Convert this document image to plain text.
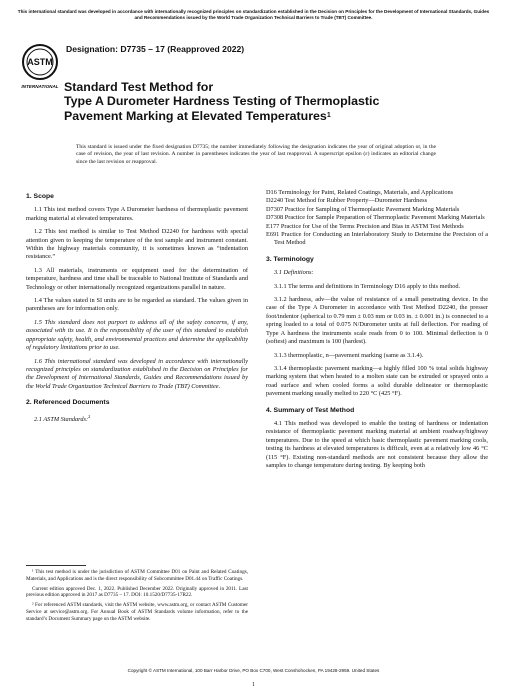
This international standard was developed in accordance with internationally recognized principles on standardization established in the Decision on Principles for the Development of International Standards, Guides and Recommendations issued by the World Trade Organization Technical Barriers to Trade (TBT) Committee.
ASTM
INTERNATIONAL
Designation: D7735 – 17 (Reapproved 2022)
Standard Test Method for
Type A Durometer Hardness Testing of Thermoplastic
Pavement Marking at Elevated Temperatures$^1$
This standard is issued under the fixed designation D7735; the number immediately following the designation indicates the year of original adoption or, in the case of revision, the year of last revision. A number in parentheses indicates the year of last reapproval. A superscript epsilon (ε) indicates an editorial change since the last revision or reapproval.
1. Scope

1.1 This test method covers Type A Durometer hardness of thermoplastic pavement marking material at elevated temperatures.

1.2 This test method is similar to Test Method D2240 for hardness with special attention given to keeping the temperature of the test sample and instrument constant. Within the highway materials community, it is sometimes known as “indentation resistance.”

1.3 All materials, instruments or equipment used for the determination of temperature, hardness and time shall be traceable to National Institute of Standards and Technology or other internationally recognized organizations parallel in nature.

1.4 The values stated in SI units are to be regarded as standard. The values given in parentheses are for information only.

1.5 This standard does not purport to address all of the safety concerns, if any, associated with its use. It is the responsibility of the user of this standard to establish appropriate safety, health, and environmental practices and determine the applicability of regulatory limitations prior to use.

1.6 This international standard was developed in accordance with internationally recognized principles on standardization established in the Decision on Principles for the Development of International Standards, Guides and Recommendations issued by the World Trade Organization Technical Barriers to Trade (TBT) Committee.

2. Referenced Documents

2.1 ASTM Standards:$^2$

¹ This test method is under the jurisdiction of ASTM Committee D01 on Paint and Related Coatings, Materials, and Applications and is the direct responsibility of Subcommittee D01.44 on Traffic Coatings.

Current edition approved Dec. 1, 2022. Published December 2022. Originally approved in 2011. Last previous edition approved in 2017 as D7735 – 17. DOI: 10.1520/D7735-17R22.

² For referenced ASTM standards, visit the ASTM website, www.astm.org, or contact ASTM Customer Service at service@astm.org. For Annual Book of ASTM Standards volume information, refer to the standard’s Document Summary page on the ASTM website.

D16 Terminology for Paint, Related Coatings, Materials, and Applications

D2240 Test Method for Rubber Property—Durometer Hardness

D7307 Practice for Sampling of Thermoplastic Pavement Marking Materials

D7308 Practice for Sample Preparation of Thermoplastic Pavement Marking Materials

E177 Practice for Use of the Terms Precision and Bias in ASTM Test Methods

E691 Practice for Conducting an Interlaboratory Study to Determine the Precision of a Test Method

3. Terminology

3.1 Definitions:

3.1.1 The terms and definitions in Terminology D16 apply to this method.

3.1.2 hardness, adv—the value of resistance of a small penetrating device. In the case of the Type A Durometer in accordance with Test Method D2240, the presser foot/indentor (spherical to 0.79 mm ± 0.03 mm or 0.03 in. ± 0.001 in.) is connected to a spring loaded to a total of 0.075 N/Durometer units at full deflection. For reading of Type A hardness the instruments scale reads from 0 to 100. Minimal deflection is 0 (softest) and maximum is 100 (hardest).

3.1.3 thermoplastic, n—pavement marking (same as 3.1.4).

3.1.4 thermoplastic pavement marking—a highly filled 100 % total solids highway marking system that when heated to a molten state can be extruded or sprayed onto a road surface and when cooled forms a solid durable delineator or thermoplastic pavement marking usually melted to 220 °C (425 °F).

4. Summary of Test Method

4.1 This method was developed to enable the testing of hardness or indentation resistance of thermoplastic pavement marking material at ambient roadway/highway temperatures. Due to the speed at which basic thermoplastic pavement marking cools, testing its hardness at elevated temperatures is difficult, even at a relatively low 46 °C (115 °F). Existing non-standard methods are not consistent because they allow the samples to change temperature during testing. By keeping both

Copyright © ASTM International, 100 Barr Harbor Drive, PO Box C700, West Conshohocken, PA 19428-2959. United States
1
